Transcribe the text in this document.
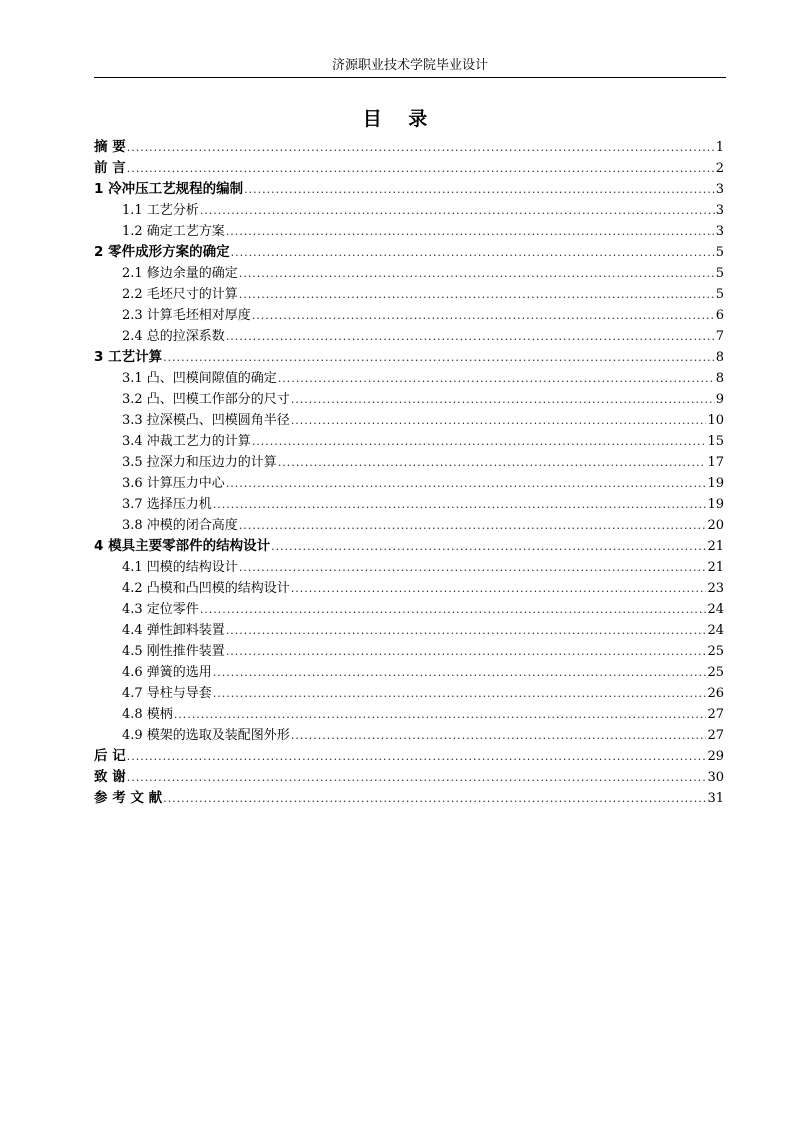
济源职业技术学院毕业设计
目 录
摘 要 .....	1
前 言 .....	2
1 冷冲压工艺规程的编制 .....	3
1.1 工艺分析 .....	3
1.2 确定工艺方案 .....	3
2 零件成形方案的确定 .....	5
2.1 修边余量的确定 .....	5
2.2 毛坯尺寸的计算 .....	5
2.3 计算毛坯相对厚度 .....	6
2.4 总的拉深系数 .....	7
3 工艺计算 .....	8
3.1 凸、凹模间隙值的确定 .....	8
3.2 凸、凹模工作部分的尺寸 .....	9
3.3 拉深模凸、凹模圆角半径 .....	10
3.4 冲裁工艺力的计算 .....	15
3.5 拉深力和压边力的计算 .....	17
3.6 计算压力中心 .....	19
3.7 选择压力机 .....	19
3.8 冲模的闭合高度 .....	20
4 模具主要零部件的结构设计 .....	21
4.1 凹模的结构设计 .....	21
4.2 凸模和凸凹模的结构设计 .....	23
4.3 定位零件 .....	24
4.4 弹性卸料装置 .....	24
4.5 刚性推件装置 .....	25
4.6 弹簧的选用 .....	25
4.7 导柱与导套 .....	26
4.8 模柄 .....	27
4.9 模架的选取及装配图外形 .....	27
后 记 .....	29
致 谢 .....	30
参 考 文 献 .....	31
